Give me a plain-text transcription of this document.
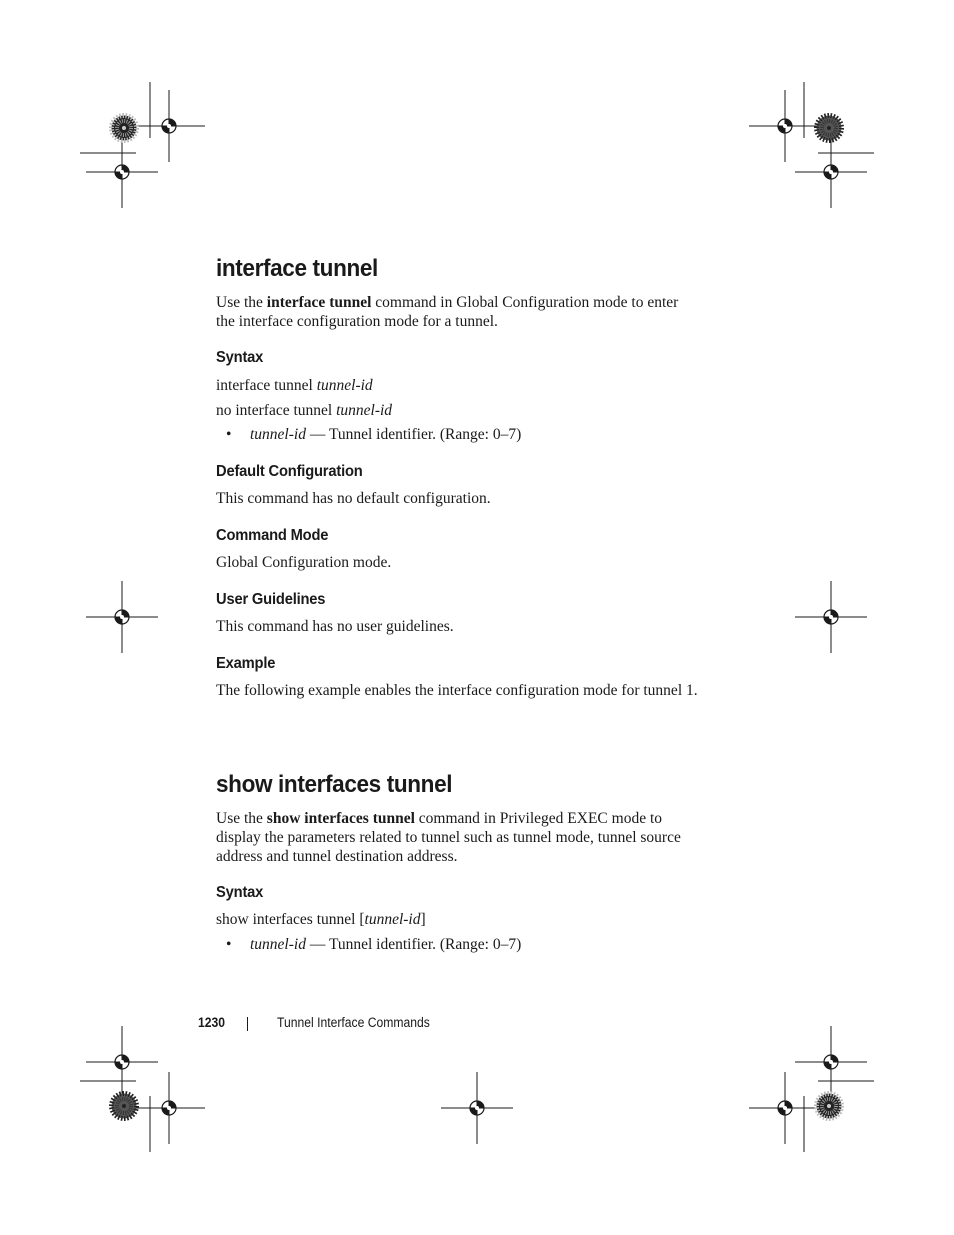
interface tunnel

Use the interface tunnel command in Global Configuration mode to enter
the interface configuration mode for a tunnel.

Syntax

interface tunnel tunnel-id

no interface tunnel tunnel-id

• tunnel-id — Tunnel identifier. (Range: 0–7)

Default Configuration

This command has no default configuration.

Command Mode

Global Configuration mode.

User Guidelines

This command has no user guidelines.

Example

The following example enables the interface configuration mode for tunnel 1.

show interfaces tunnel

Use the show interfaces tunnel command in Privileged EXEC mode to
display the parameters related to tunnel such as tunnel mode, tunnel source
address and tunnel destination address.

Syntax

show interfaces tunnel [tunnel-id]

• tunnel-id — Tunnel identifier. (Range: 0–7)

1230	Tunnel Interface Commands
